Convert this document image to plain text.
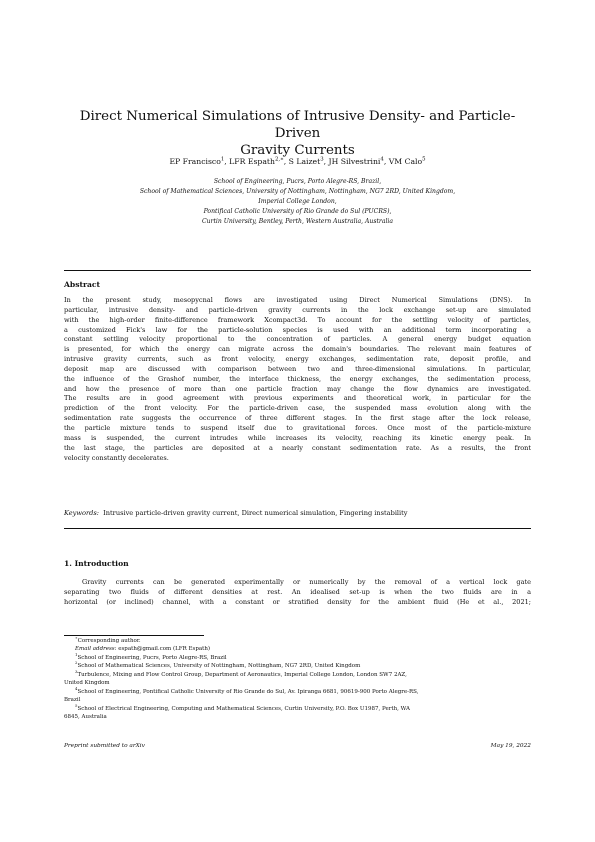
Direct Numerical Simulations of Intrusive Density- and Particle-Driven
Gravity Currents
EP Francisco$^1$, LFR Espath$^{2,∗}$, S Laizet$^3$, JH Silvestrini$^4$, VM Calo$^5$
School of Engineering, Pucrs, Porto Alegre-RS, Brazil,
School of Mathematical Sciences, University of Nottingham, Nottingham, NG7 2RD, United Kingdom,
Imperial College London,
Pontifical Catholic University of Rio Grande do Sul (PUCRS),
Curtin University, Bentley, Perth, Western Australia, Australia
Abstract
In the present study, mesopycnal flows are investigated using Direct Numerical Simulations (DNS). In
particular, intrusive density- and particle-driven gravity currents in the lock exchange set-up are simulated
with the high-order finite-difference framework Xcompact3d. To account for the settling velocity of particles,
a customized Fick's law for the particle-solution species is used with an additional term incorporating a
constant settling velocity proportional to the concentration of particles. A general energy budget equation
is presented, for which the energy can migrate across the domain's boundaries. The relevant main features of
intrusive gravity currents, such as front velocity, energy exchanges, sedimentation rate, deposit profile, and
deposit map are discussed with comparison between two and three-dimensional simulations. In particular,
the influence of the Grashof number, the interface thickness, the energy exchanges, the sedimentation process,
and how the presence of more than one particle fraction may change the flow dynamics are investigated.
The results are in good agreement with previous experiments and theoretical work, in particular for the
prediction of the front velocity. For the particle-driven case, the suspended mass evolution along with the
sedimentation rate suggests the occurrence of three different stages. In the first stage after the lock release,
the particle mixture tends to suspend itself due to gravitational forces. Once most of the particle-mixture
mass is suspended, the current intrudes while increases its velocity, reaching its kinetic energy peak. In
the last stage, the particles are deposited at a nearly constant sedimentation rate. As a results, the front
velocity constantly decelerates.
Keywords: Intrusive particle-driven gravity current, Direct numerical simulation, Fingering instability
1. Introduction
Gravity currents can be generated experimentally or numerically by the removal of a vertical lock gate
separating two fluids of different densities at rest. An idealised set-up is when the two fluids are in a
horizontal (or inclined) channel, with a constant or stratified density for the ambient fluid (He et al., 2021;
∗Corresponding author.
Email address: espath@gmail.com (LFR Espath)
$^1$School of Engineering, Pucrs, Porto Alegre-RS, Brazil
$^2$School of Mathematical Sciences, University of Nottingham, Nottingham, NG7 2RD, United Kingdom
$^3$Turbulence, Mixing and Flow Control Group, Department of Aeronautics, Imperial College London, London SW7 2AZ,
United Kingdom
$^4$School of Engineering, Pontifical Catholic University of Rio Grande do Sul, Av. Ipiranga 6681, 90619-900 Porto Alegre-RS,
Brazil
$^5$School of Electrical Engineering, Computing and Mathematical Sciences, Curtin University, P.O. Box U1987, Perth, WA
6845, Australia
Preprint submitted to arXiv	May 19, 2022
